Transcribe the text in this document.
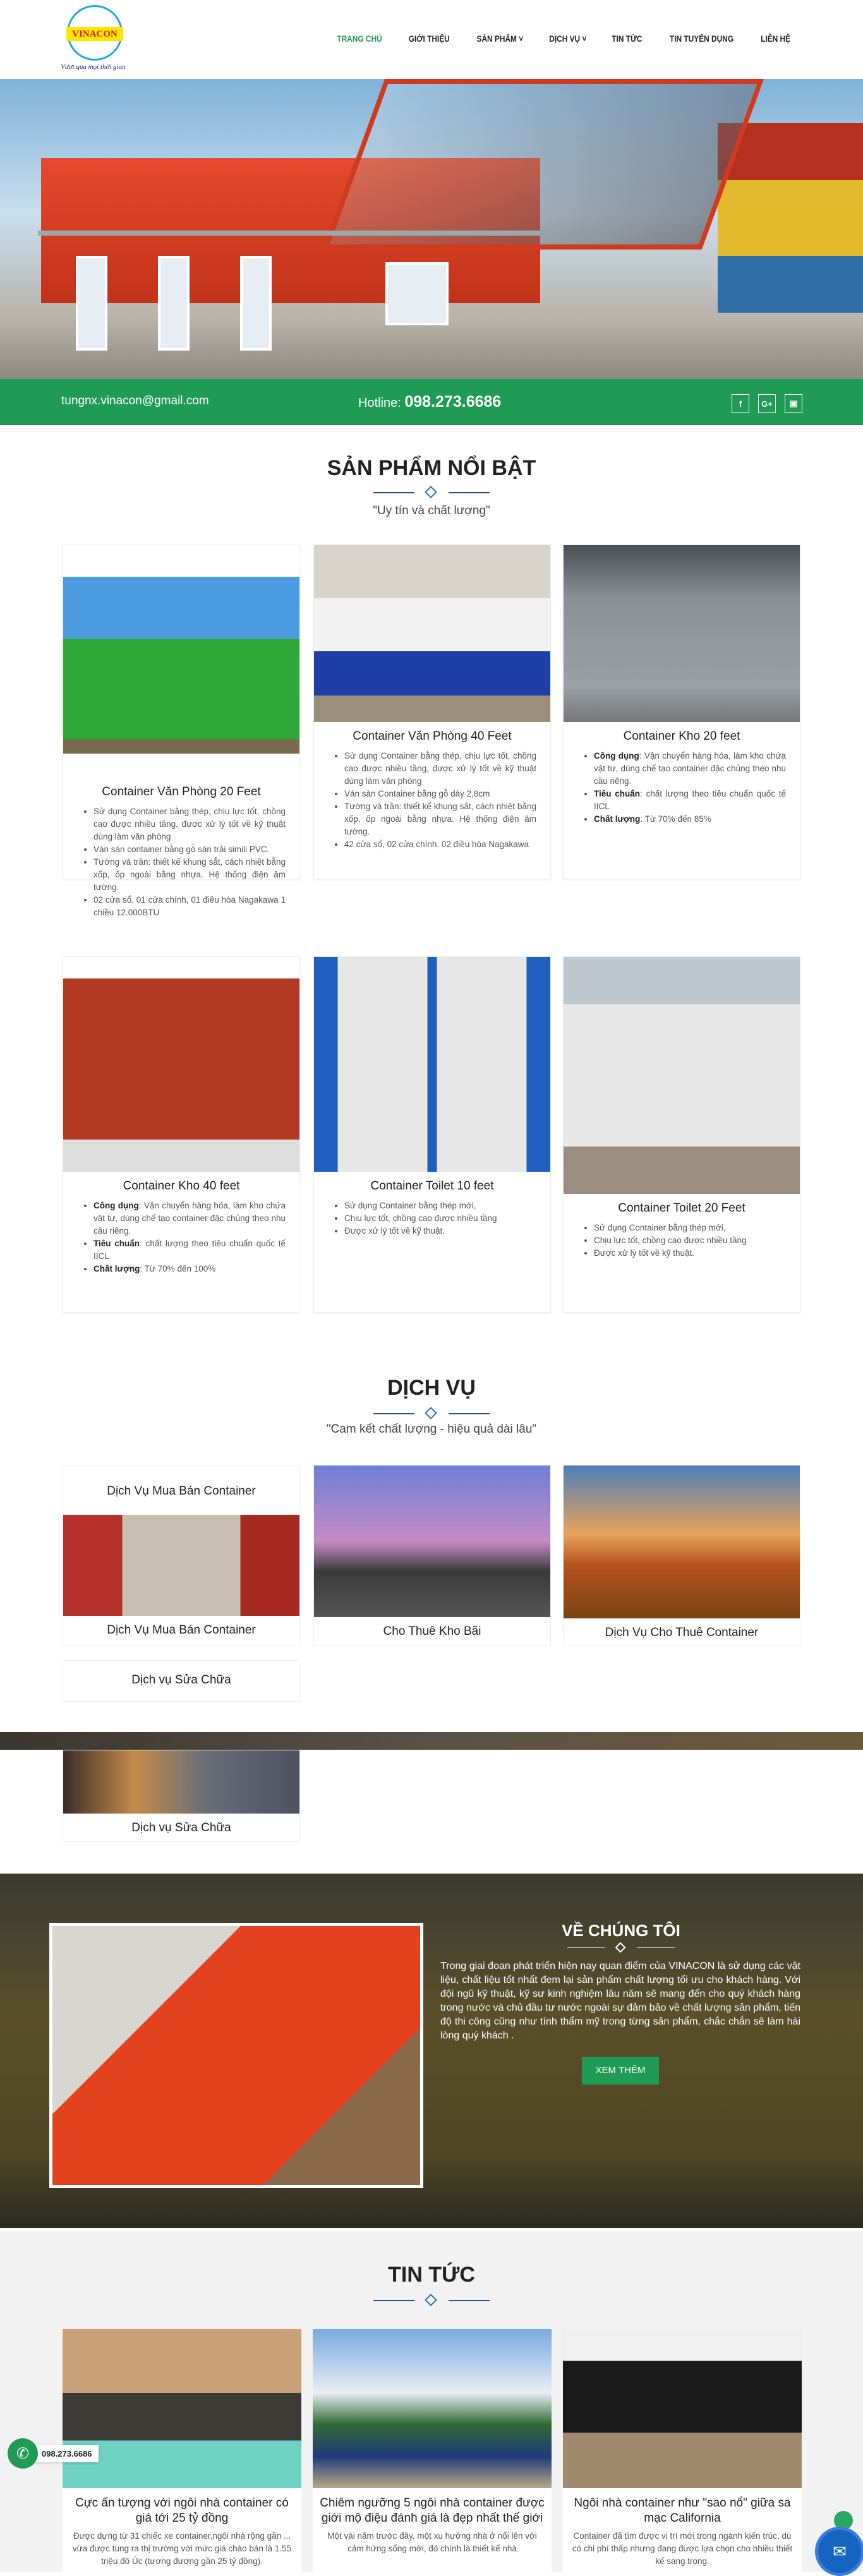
VINACON
Vượt qua mọi thời gian
TRANG CHỦ	GIỚI THIỆU	SẢN PHẨM ˅	DỊCH VỤ ˅	TIN TỨC	TIN TUYỂN DỤNG	LIÊN HỆ
tungnx.vinacon@gmail.com	Hotline: 098.273.6686	f	G+	▣
SẢN PHẨM NỔI BẬT
"Uy tín và chất lượng"
Container Văn Phòng 20 Feet
• Sử dụng Container bằng thép, chịu lực tốt, chồng cao được nhiều tầng, được xử lý tốt về kỹ thuật dùng làm văn phòng
• Ván sàn container bằng gỗ sàn trải simili PVC.
• Tường và trần: thiết kế khung sắt, cách nhiệt bằng xốp, ốp ngoài bằng nhựa. Hệ thống điện âm tường.
• 02 cửa sổ, 01 cửa chính, 01 điều hòa Nagakawa 1 chiều 12.000BTU
Container Văn Phòng 40 Feet
• Sử dụng Container bằng thép, chịu lực tốt, chồng cao được nhiều tầng, được xử lý tốt về kỹ thuật dùng làm văn phòng
• Ván sàn Container bằng gỗ dày 2,8cm
• Tường và trần: thiết kế khung sắt, cách nhiệt bằng xốp, ốp ngoài bằng nhựa. Hệ thống điện âm tường.
• 42 cửa sổ, 02 cửa chính. 02 điều hòa Nagakawa
Container Kho 20 feet
• Công dụng: Vận chuyển hàng hóa, làm kho chứa vật tư, dùng chế tạo container đặc chủng theo nhu cầu riêng.
• Tiêu chuẩn: chất lượng theo tiêu chuẩn quốc tế IICL
• Chất lượng: Từ 70% đến 85%
Container Kho 40 feet
• Công dụng: Vận chuyển hàng hóa, làm kho chứa vật tư, dùng chế tạo container đặc chủng theo nhu cầu riêng.
• Tiêu chuẩn: chất lượng theo tiêu chuẩn quốc tế IICL
• Chất lượng: Từ 70% đến 100%
Container Toilet 10 feet
• Sử dụng Container bằng thép mới,
• Chịu lực tốt, chồng cao được nhiều tầng
• Được xử lý tốt về kỹ thuật.
Container Toilet 20 Feet
• Sử dụng Container bằng thép mới,
• Chịu lực tốt, chồng cao được nhiều tầng
• Được xử lý tốt về kỹ thuật.
DỊCH VỤ
"Cam kết chất lượng - hiệu quả dài lâu"
Dịch Vụ Mua Bán Container
Dịch Vụ Mua Bán Container	Cho Thuê Kho Bãi	Dịch Vụ Cho Thuê Container
Dịch vụ Sửa Chữa
Dịch vụ Sửa Chữa
VỀ CHÚNG TÔI

Trong giai đoạn phát triển hiện nay quan điểm của VINACON là sử dụng các vật liệu, chất liệu tốt nhất đem lại sản phẩm chất lượng tối ưu cho khách hàng. Với đội ngũ kỹ thuật, kỹ sư kinh nghiệm lâu năm sẽ mang đến cho quý khách hàng trong nước và chủ đầu tư nước ngoài sự đảm bảo về chất lượng sản phẩm, tiến độ thi công cũng như tính thẩm mỹ trong từng sản phẩm, chắc chắn sẽ làm hài lòng quý khách .

XEM THÊM
TIN TỨC
Cực ấn tượng với ngôi nhà container có giá tới 25 tỷ đồng

Được dựng từ 31 chiếc xe container,ngôi nhà rộng gần ... vừa được tung ra thị trường với mức giá chào bán là 1.55 triệu đô Úc (tương đương gần 25 tỷ đồng).

Chiêm ngưỡng 5 ngôi nhà container được giới mộ điệu đánh giá là đẹp nhất thế giới

Một vài năm trước đây, một xu hướng nhà ở nổi lên với cảm hứng sống mới, đó chính là thiết kế nhà

Ngôi nhà container như "sao nổ" giữa sa mạc California

Container đã tìm được vị trí mới trong ngành kiến trúc, dù có chi phí thấp nhưng đang được lựa chọn cho nhiều thiết kế sang trọng.

✉
✆	098.273.6686
